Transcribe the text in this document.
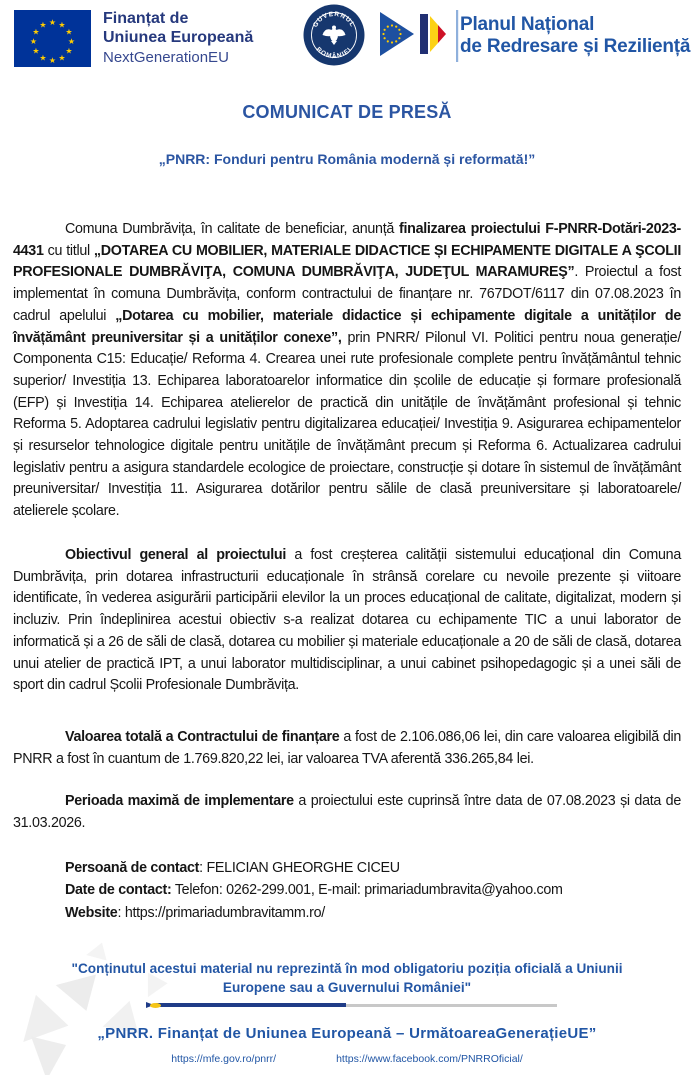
★ ★
★
★
★
★
★
★
★
★
★
★	Finanțat de
Uniunea Europeană
NextGenerationEU
GUVERNUL
ROMÂNIEI
Planul Național
de Redresare și Reziliență
COMUNICAT DE PRESĂ
„PNRR: Fonduri pentru România modernă și reformată!”

Comuna Dumbrăvița, în calitate de beneficiar, anunță finalizarea proiectului F-PNRR-Dotări-2023-4431 cu titlul „DOTAREA CU MOBILIER, MATERIALE DIDACTICE ȘI ECHIPAMENTE DIGITALE A ŞCOLII PROFESIONALE DUMBRĂVIŢA, COMUNA DUMBRĂVIŢA, JUDEŢUL MARAMUREŞ”. Proiectul a fost implementat în comuna Dumbrăvița, conform contractului de finanțare nr. 767DOT/6117 din 07.08.2023 în cadrul apelului „Dotarea cu mobilier, materiale didactice și echipamente digitale a unităților de învățământ preuniversitar și a unităților conexe”, prin PNRR/ Pilonul VI. Politici pentru noua generație/ Componenta C15: Educație/ Reforma 4. Crearea unei rute profesionale complete pentru învățământul tehnic superior/ Investiția 13. Echiparea laboratoarelor informatice din școlile de educație și formare profesională (EFP) și Investiția 14. Echiparea atelierelor de practică din unitățile de învățământ profesional și tehnic Reforma 5. Adoptarea cadrului legislativ pentru digitalizarea educației/ Investiția 9. Asigurarea echipamentelor și resurselor tehnologice digitale pentru unitățile de învățământ precum și Reforma 6. Actualizarea cadrului legislativ pentru a asigura standardele ecologice de proiectare, construcție și dotare în sistemul de învățământ preuniversitar/ Investiția 11. Asigurarea dotărilor pentru sălile de clasă preuniversitare și laboratoarele/ atelierele școlare.

Obiectivul general al proiectului a fost creșterea calității sistemului educațional din Comuna Dumbrăvița, prin dotarea infrastructurii educaționale în strânsă corelare cu nevoile prezente și viitoare identificate, în vederea asigurării participării elevilor la un proces educațional de calitate, digitalizat, modern și incluziv. Prin îndeplinirea acestui obiectiv s-a realizat dotarea cu echipamente TIC a unui laborator de informatică și a 26 de săli de clasă, dotarea cu mobilier și materiale educaționale a 20 de săli de clasă, dotarea unui atelier de practică IPT, a unui laborator multidisciplinar, a unui cabinet psihopedagogic și a unei săli de sport din cadrul Școlii Profesionale Dumbrăvița.

Valoarea totală a Contractului de finanțare a fost de 2.106.086,06 lei, din care valoarea eligibilă din PNRR a fost în cuantum de 1.769.820,22 lei, iar valoarea TVA aferentă 336.265,84 lei.

Perioada maximă de implementare a proiectului este cuprinsă între data de 07.08.2023 și data de 31.03.2026.

Persoană de contact: FELICIAN GHEORGHE CICEU

Date de contact: Telefon: 0262-299.001, E-mail: primariadumbravita@yahoo.com

Website: https://primariadumbravitamm.ro/

"Conținutul acestui material nu reprezintă în mod obligatoriu poziția oficială a Uniunii Europene sau a Guvernului României"
„PNRR. Finanțat de Uniunea Europeană – UrmătoareaGenerațieUE”
https://mfe.gov.ro/pnrr/	https://www.facebook.com/PNRROficial/
